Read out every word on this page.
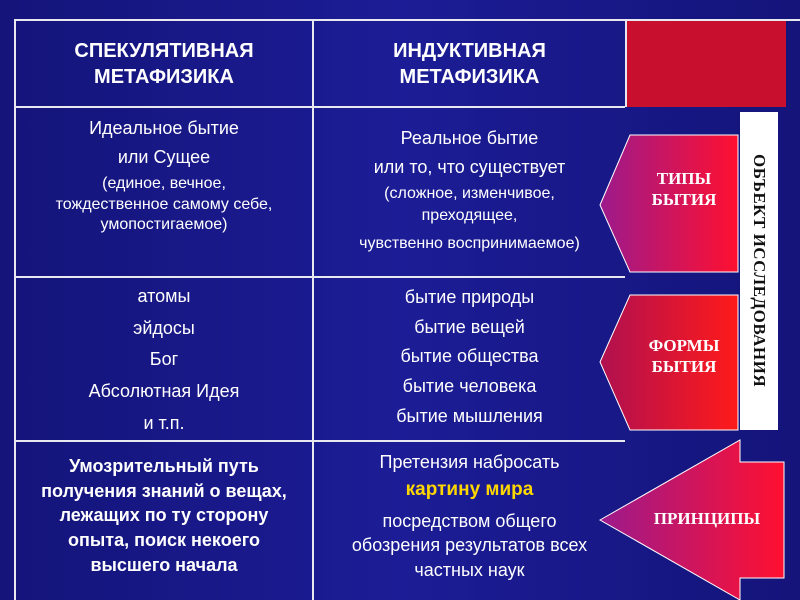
СПЕКУЛЯТИВНАЯ
МЕТАФИЗИКА
ИНДУКТИВНАЯ
МЕТАФИЗИКА
Идеальное бытие
или Сущее
(единое, вечное,
тождественное самому себе,
умопостигаемое)
Реальное бытие
или то, что существует
(сложное, изменчивое,
преходящее,
чувственно воспринимаемое)
атомы
эйдосы
Бог
Абсолютная Идея
и т.п.
бытие природы
бытие вещей
бытие общества
бытие человека
бытие мышления
Умозрительный путь
получения знаний о вещах,
лежащих по ту сторону
опыта, поиск некоего
высшего начала
Претензия набросать
картину мира
посредством общего
обозрения результатов всех
частных наук
ТИПЫ
БЫТИЯ
ФОРМЫ
БЫТИЯ
ПРИНЦИПЫ
ОБЪЕКТ ИССЛЕДОВАНИЯ
